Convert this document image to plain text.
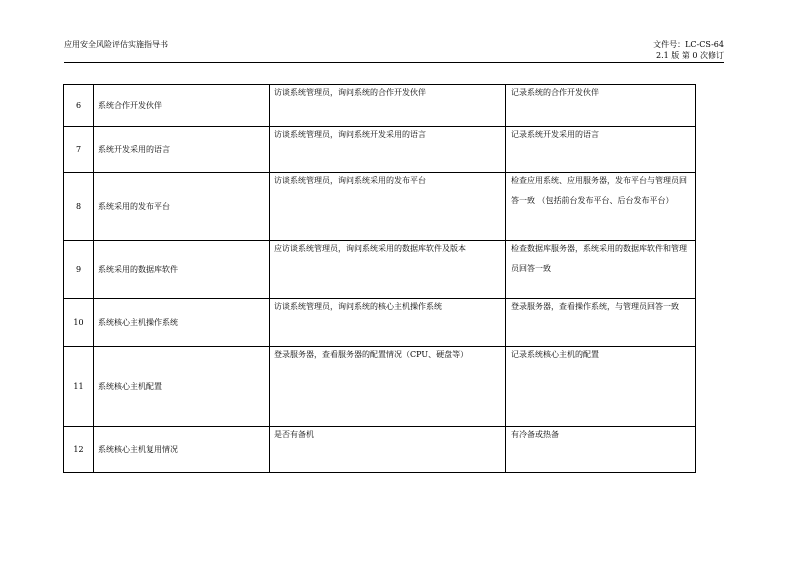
应用安全风险评估实施指导书	文件号：LC-CS-64
2.1 版 第 0 次修订
6	系统合作开发伙伴	访谈系统管理员，询问系统的合作开发伙伴	记录系统的合作开发伙伴

7	系统开发采用的语言	访谈系统管理员，询问系统开发采用的语言	记录系统开发采用的语言

8	系统采用的发布平台	访谈系统管理员，询问系统采用的发布平台	检查应用系统、应用服务器，发布平台与管理员回答一致 （包括前台发布平台、后台发布平台）

9	系统采用的数据库软件	应访谈系统管理员，询问系统采用的数据库软件及版本	检查数据库服务器，系统采用的数据库软件和管理员回答一致

10	系统核心主机操作系统	访谈系统管理员，询问系统的核心主机操作系统	登录服务器，查看操作系统，与管理员回答一致

11	系统核心主机配置	登录服务器，查看服务器的配置情况（CPU、硬盘等）	记录系统核心主机的配置

12	系统核心主机复用情况	是否有备机	有冷备或热备
